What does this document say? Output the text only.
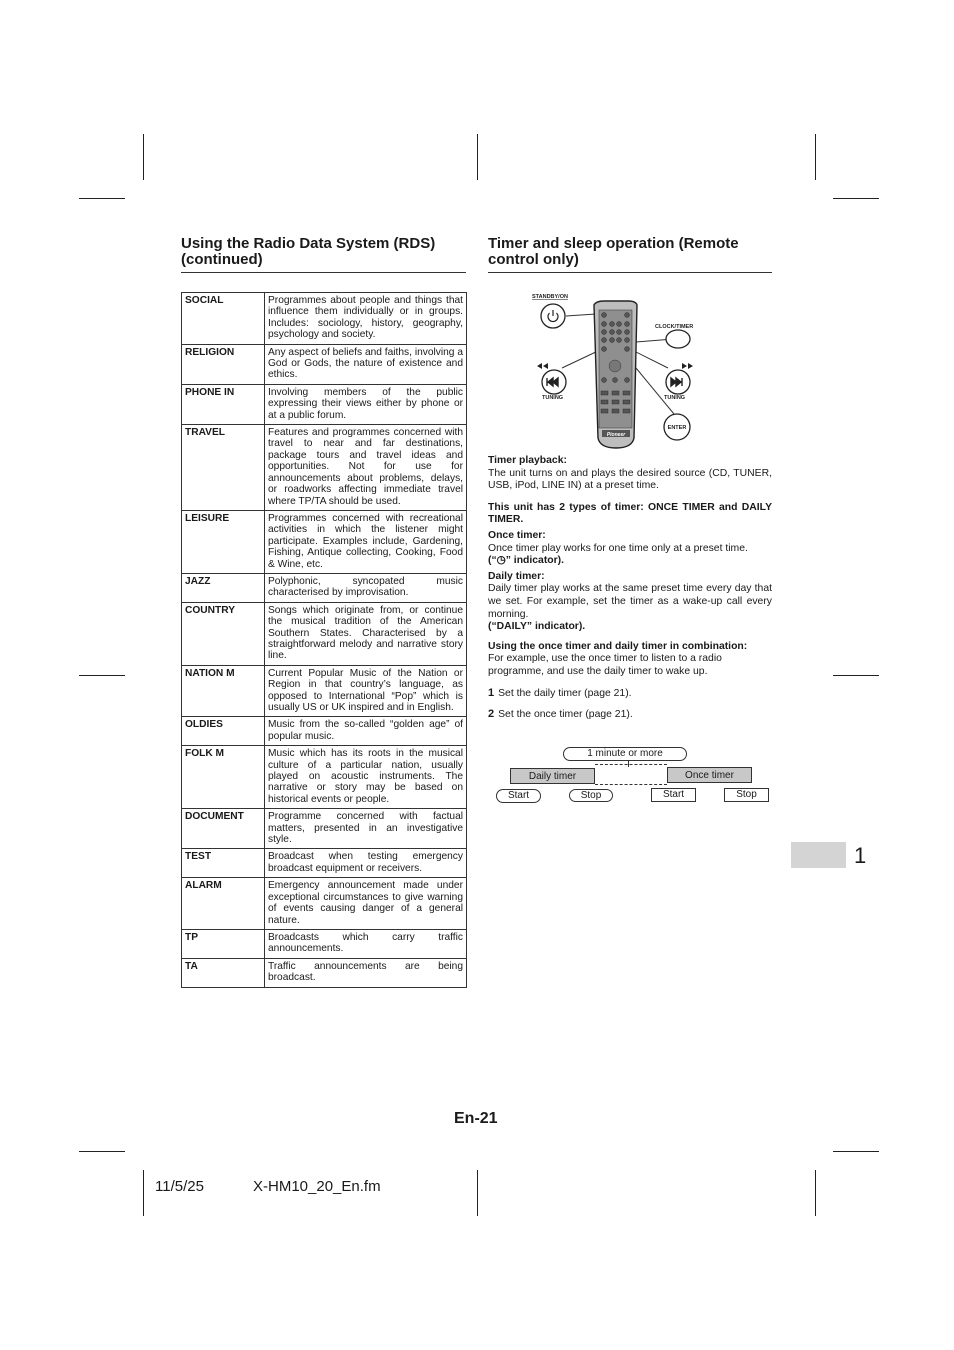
Using the Radio Data System (RDS)
(continued)
SOCIAL	Programmes about people and things that influence them individually or in groups. Includes: sociology, history, geography, psychology and society.
RELIGION	Any aspect of beliefs and faiths, involving a God or Gods, the nature of existence and ethics.
PHONE IN	Involving members of the public expressing their views either by phone or at a public forum.
TRAVEL	Features and programmes concerned with travel to near and far destinations, package tours and travel ideas and opportunities. Not for use for announcements about problems, delays, or roadworks affecting immediate travel where TP/TA should be used.
LEISURE	Programmes concerned with recreational activities in which the listener might participate. Examples include, Gardening, Fishing, Antique collecting, Cooking, Food & Wine, etc.
JAZZ	Polyphonic, syncopated music characterised by improvisation.
COUNTRY	Songs which originate from, or continue the musical tradition of the American Southern States. Characterised by a straightforward melody and narrative story line.
NATION M	Current Popular Music of the Nation or Region in that country’s language, as opposed to International “Pop” which is usually US or UK inspired and in English.
OLDIES	Music from the so-called “golden age” of popular music.
FOLK M	Music which has its roots in the musical culture of a particular nation, usually played on acoustic instruments. The narrative or story may be based on historical events or people.
DOCUMENT	Programme concerned with factual matters, presented in an investigative style.
TEST	Broadcast when testing emergency broadcast equipment or receivers.
ALARM	Emergency announcement made under exceptional circumstances to give warning of events causing danger of a general nature.
TP	Broadcasts which carry traffic announcements.
TA	Traffic announcements are being broadcast.
Timer and sleep operation (Remote
control only)
Pioneer
STANDBY/ON
CLOCK/TIMER
TUNING	TUNING
ENTER
Timer playback:
The unit turns on and plays the desired source (CD, TUNER, USB, iPod, LINE IN) at a preset time.
This unit has 2 types of timer: ONCE TIMER and DAILY TIMER.
Once timer:
Once timer play works for one time only at a preset time.
(“◷” indicator).
Daily timer:
Daily timer play works at the same preset time every day that we set. For example, set the timer as a wake-up call every morning.
(“DAILY” indicator).
Using the once timer and daily timer in combination:
For example, use the once timer to listen to a radio programme, and use the daily timer to wake up.
1 Set the daily timer (page 21).
2 Set the once timer (page 21).
1 minute or more
Daily timer	Once timer
Start	Stop	Start	Stop
En-21
1
11/5/25	X-HM10_20_En.fm
